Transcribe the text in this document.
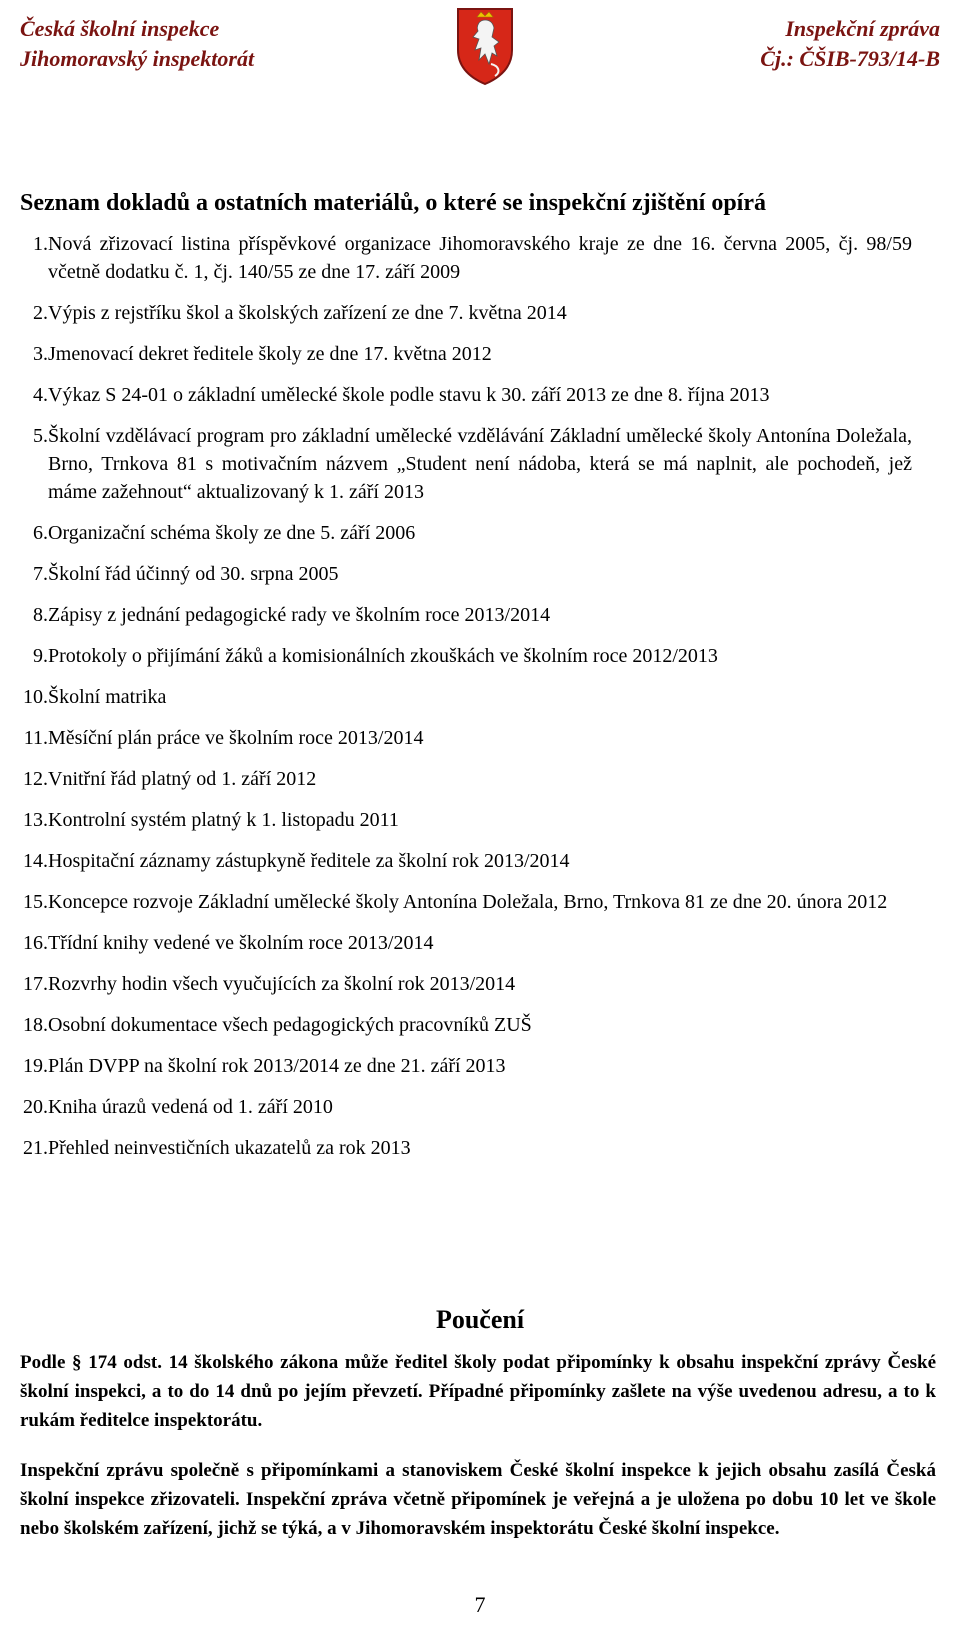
Česká školní inspekce
Jihomoravský inspektorát
Inspekční zpráva
Čj.: ČŠIB-793/14-B
Seznam dokladů a ostatních materiálů, o které se inspekční zjištění opírá
1. Nová zřizovací listina příspěvkové organizace Jihomoravského kraje ze dne 16. června 2005, čj. 98/59 včetně dodatku č. 1, čj. 140/55 ze dne 17. září 2009
2. Výpis z rejstříku škol a školských zařízení ze dne 7. května 2014
3. Jmenovací dekret ředitele školy ze dne 17. května 2012
4. Výkaz S 24-01 o základní umělecké škole podle stavu k 30. září 2013 ze dne 8. října 2013
5. Školní vzdělávací program pro základní umělecké vzdělávání Základní umělecké školy Antonína Doležala, Brno, Trnkova 81 s motivačním názvem „Student není nádoba, která se má naplnit, ale pochodeň, jež máme zažehnout“ aktualizovaný k 1. září 2013
6. Organizační schéma školy ze dne 5. září 2006
7. Školní řád účinný od 30. srpna 2005
8. Zápisy z jednání pedagogické rady ve školním roce 2013/2014
9. Protokoly o přijímání žáků a komisionálních zkouškách ve školním roce 2012/2013
10. Školní matrika
11. Měsíční plán práce ve školním roce 2013/2014
12. Vnitřní řád platný od 1. září 2012
13. Kontrolní systém platný k 1. listopadu 2011
14. Hospitační záznamy zástupkyně ředitele za školní rok 2013/2014
15. Koncepce rozvoje Základní umělecké školy Antonína Doležala, Brno, Trnkova 81 ze dne 20. února 2012
16. Třídní knihy vedené ve školním roce 2013/2014
17. Rozvrhy hodin všech vyučujících za školní rok 2013/2014
18. Osobní dokumentace všech pedagogických pracovníků ZUŠ
19. Plán DVPP na školní rok 2013/2014 ze dne 21. září 2013
20. Kniha úrazů vedená od 1. září 2010
21. Přehled neinvestičních ukazatelů za rok 2013
Poučení

Podle § 174 odst. 14 školského zákona může ředitel školy podat připomínky k obsahu inspekční zprávy České školní inspekci, a to do 14 dnů po jejím převzetí. Případné připomínky zašlete na výše uvedenou adresu, a to k rukám ředitelce inspektorátu.

Inspekční zprávu společně s připomínkami a stanoviskem České školní inspekce k jejich obsahu zasílá Česká školní inspekce zřizovateli. Inspekční zpráva včetně připomínek je veřejná a je uložena po dobu 10 let ve škole nebo školském zařízení, jichž se týká, a v Jihomoravském inspektorátu České školní inspekce.

7
